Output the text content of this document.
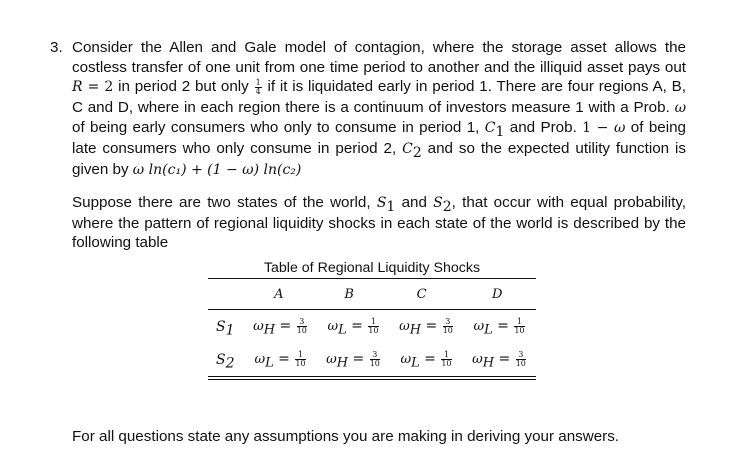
3. Consider the Allen and Gale model of contagion, where the storage asset allows the costless transfer of one unit from one time period to another and the illiquid asset pays out R = 2 in period 2 but only $\frac{1}{4}$ if it is liquidated early in period 1. There are four regions A, B, C and D, where in each region there is a continuum of investors measure 1 with a Prob. ω of being early consumers who only to consume in period 1, $C_1$ and Prob. 1 − ω of being late consumers who only consume in period 2, $C_2$ and so the expected utility function is given by ω ln(c₁) + (1 − ω) ln(c₂)

Suppose there are two states of the world, $S_1$ and $S_2$, that occur with equal probability, where the pattern of regional liquidity shocks in each state of the world is described by the following table

Table of Regional Liquidity Shocks
	A	B	C	D
$S_1$	$\omega_H = \frac{3}{10}$	$\omega_L = \frac{1}{10}$	$\omega_H = \frac{3}{10}$	$\omega_L = \frac{1}{10}$

$S_2$	$\omega_L = \frac{1}{10}$	$\omega_H = \frac{3}{10}$	$\omega_L = \frac{1}{10}$	$\omega_H = \frac{3}{10}$
For all questions state any assumptions you are making in deriving your answers.
